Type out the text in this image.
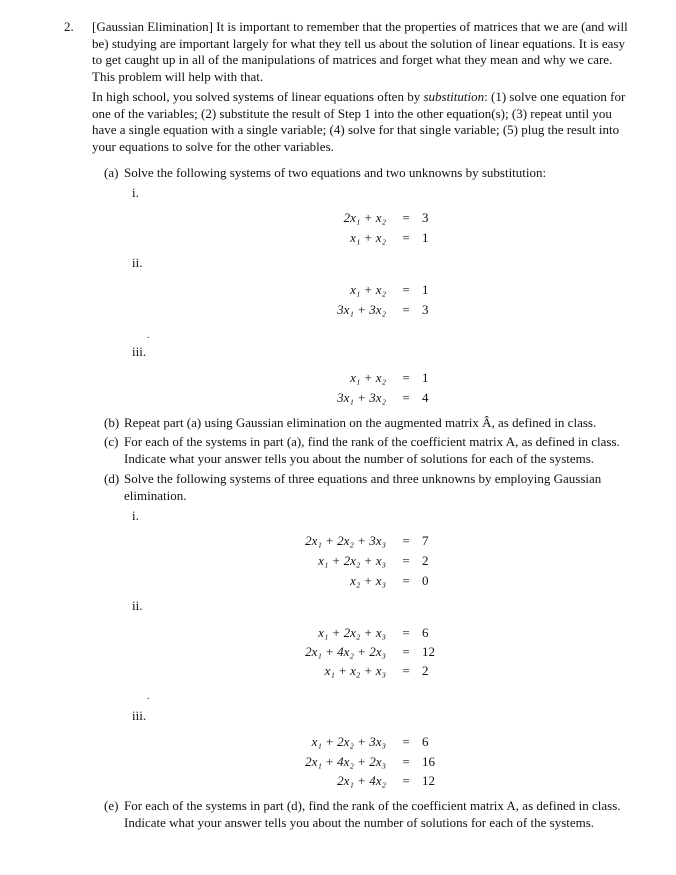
2. [Gaussian Elimination] It is important to remember that the properties of matrices that we are (and will be) studying are important largely for what they tell us about the solution of linear equations. It is easy to get caught up in all of the manipulations of matrices and forget what they mean and why we care. This problem will help with that.
In high school, you solved systems of linear equations often by substitution: (1) solve one equation for one of the variables; (2) substitute the result of Step 1 into the other equation(s); (3) repeat until you have a single equation with a single variable; (4) solve for that single variable; (5) plug the result into your equations to solve for the other variables.
(a) Solve the following systems of two equations and two unknowns by substitution:
i.
2x₁ + x₂ = 3
x₁ + x₂ = 1
ii.
x₁ + x₂ = 1
3x₁ + 3x₂ = 3
iii.
x₁ + x₂ = 1
3x₁ + 3x₂ = 4
(b) Repeat part (a) using Gaussian elimination on the augmented matrix Â, as defined in class.
(c) For each of the systems in part (a), find the rank of the coefficient matrix A, as defined in class. Indicate what your answer tells you about the number of solutions for each of the systems.
(d) Solve the following systems of three equations and three unknowns by employing Gaussian elimination.
i.
2x₁ + 2x₂ + 3x₃ = 7
x₁ + 2x₂ + x₃ = 2
x₂ + x₃ = 0
ii.
x₁ + 2x₂ + x₃ = 6
2x₁ + 4x₂ + 2x₃ = 12
x₁ + x₂ + x₃ = 2
iii.
x₁ + 2x₂ + 3x₃ = 6
2x₁ + 4x₂ + 2x₃ = 16
2x₁ + 4x₂ = 12
(e) For each of the systems in part (d), find the rank of the coefficient matrix A, as defined in class. Indicate what your answer tells you about the number of solutions for each of the systems.
.
.
